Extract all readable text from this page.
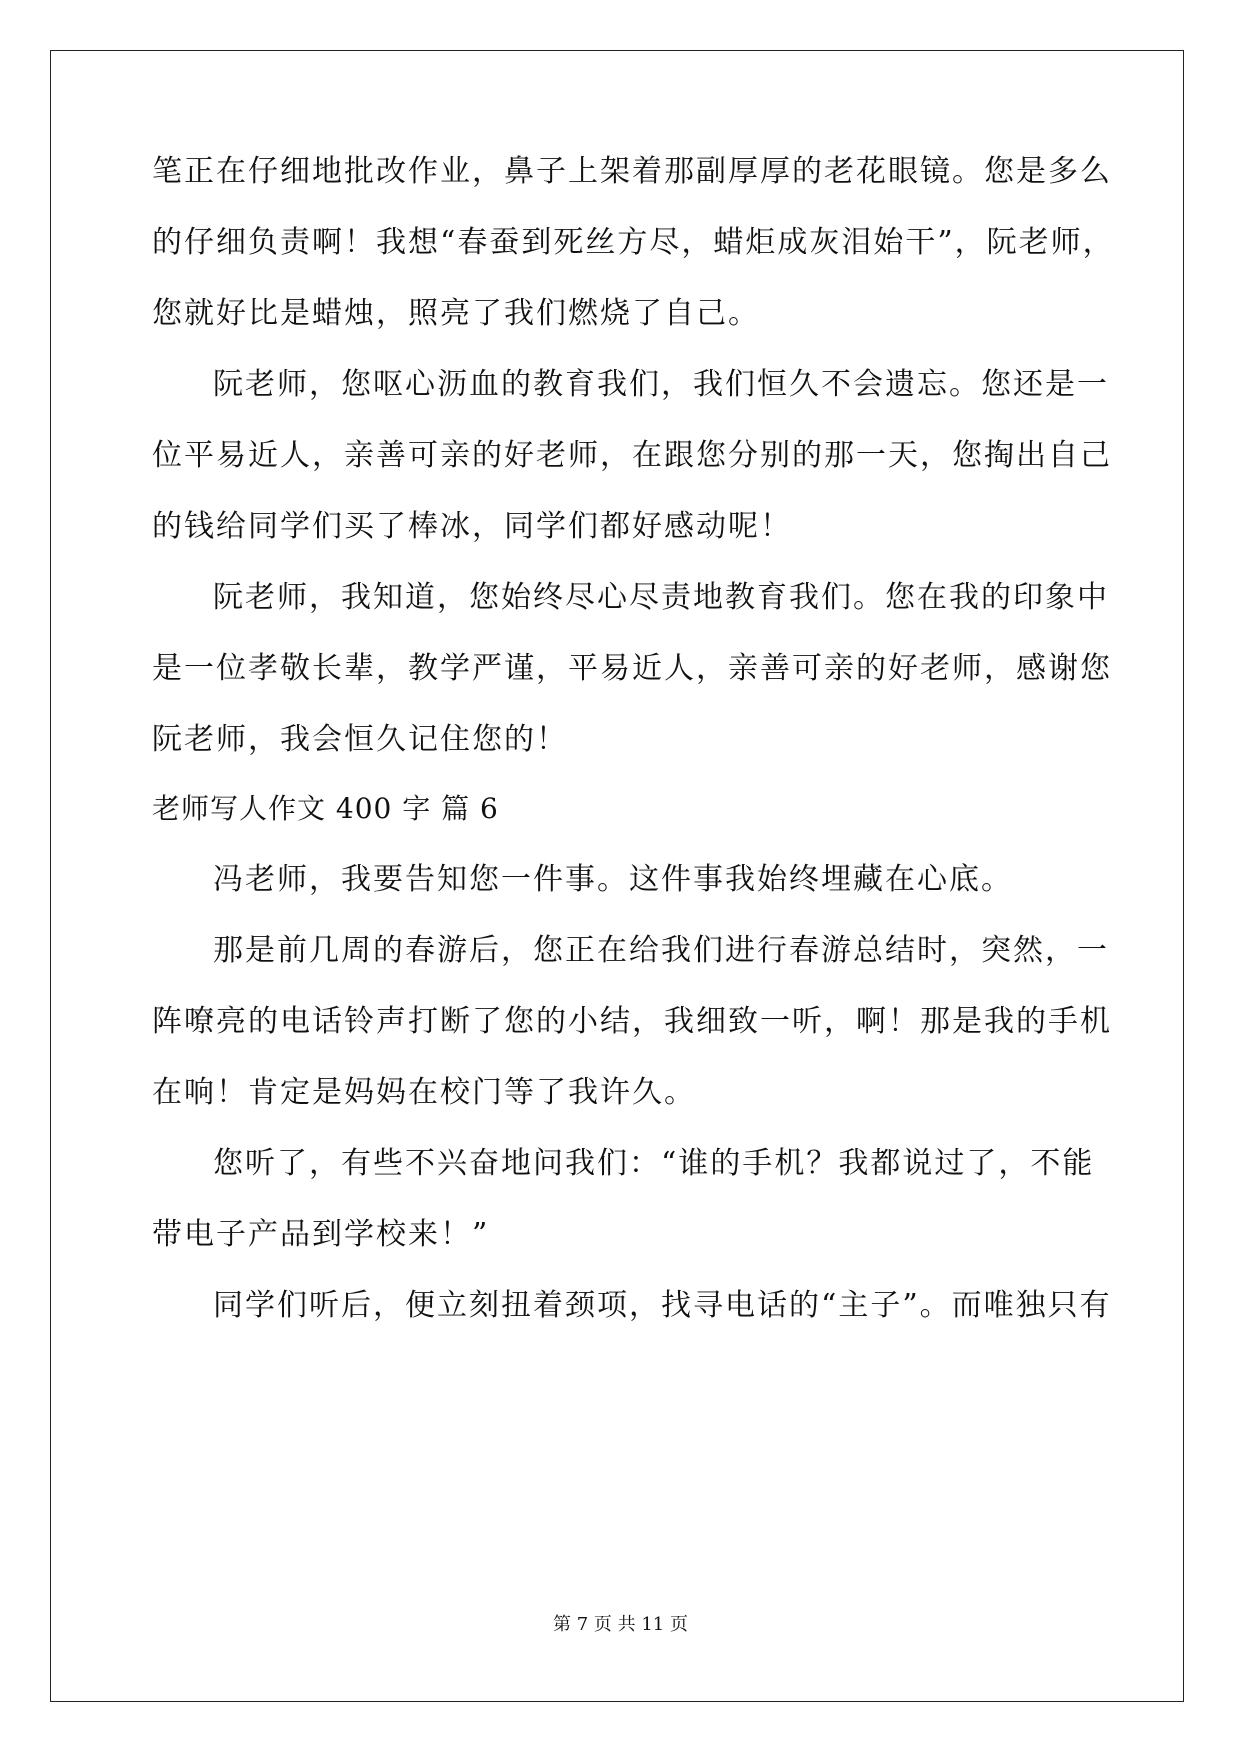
笔正在仔细地批改作业，鼻子上架着那副厚厚的老花眼镜。您是多么
的仔细负责啊！我想“春蚕到死丝方尽，蜡炬成灰泪始干”，阮老师，
您就好比是蜡烛，照亮了我们燃烧了自己。
阮老师，您呕心沥血的教育我们，我们恒久不会遗忘。您还是一
位平易近人，亲善可亲的好老师，在跟您分别的那一天，您掏出自己
的钱给同学们买了棒冰，同学们都好感动呢！
阮老师，我知道，您始终尽心尽责地教育我们。您在我的印象中
是一位孝敬长辈，教学严谨，平易近人，亲善可亲的好老师，感谢您
阮老师，我会恒久记住您的！
老师写人作文 400 字 篇 6
冯老师，我要告知您一件事。这件事我始终埋藏在心底。
那是前几周的春游后，您正在给我们进行春游总结时，突然，一
阵嘹亮的电话铃声打断了您的小结，我细致一听，啊！那是我的手机
在响！肯定是妈妈在校门等了我许久。
您听了，有些不兴奋地问我们：“谁的手机？我都说过了，不能
带电子产品到学校来！”
同学们听后，便立刻扭着颈项，找寻电话的“主子”。而唯独只有
第 7 页 共 11 页
